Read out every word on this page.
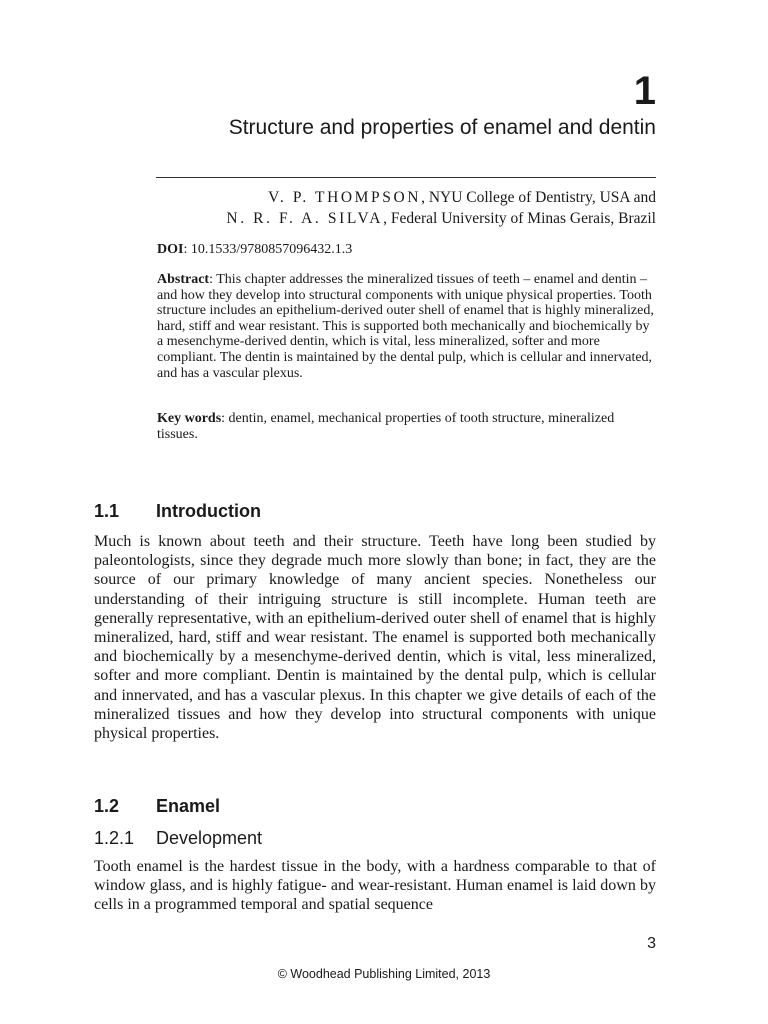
1
Structure and properties of enamel and dentin
V. P. THOMPSON, NYU College of Dentistry, USA and
N. R. F. A. SILVA, Federal University of Minas Gerais, Brazil
DOI: 10.1533/9780857096432.1.3

Abstract: This chapter addresses the mineralized tissues of teeth – enamel and dentin – and how they develop into structural components with unique physical properties. Tooth structure includes an epithelium-derived outer shell of enamel that is highly mineralized, hard, stiff and wear resistant. This is supported both mechanically and biochemically by a mesenchyme-derived dentin, which is vital, less mineralized, softer and more compliant. The dentin is maintained by the dental pulp, which is cellular and innervated, and has a vascular plexus.

Key words: dentin, enamel, mechanical properties of tooth structure, mineralized tissues.

1.1 Introduction

Much is known about teeth and their structure. Teeth have long been studied by paleontologists, since they degrade much more slowly than bone; in fact, they are the source of our primary knowledge of many ancient species. Nonetheless our understanding of their intriguing structure is still incomplete. Human teeth are generally representative, with an epithelium-derived outer shell of enamel that is highly mineralized, hard, stiff and wear resistant. The enamel is supported both mechanically and biochemically by a mesenchyme-derived dentin, which is vital, less mineralized, softer and more compliant. Dentin is maintained by the dental pulp, which is cellular and innervated, and has a vascular plexus. In this chapter we give details of each of the mineralized tissues and how they develop into structural components with unique physical properties.

1.2 Enamel
1.2.1 Development

Tooth enamel is the hardest tissue in the body, with a hardness comparable to that of window glass, and is highly fatigue- and wear-resistant. Human enamel is laid down by cells in a programmed temporal and spatial sequence

3
© Woodhead Publishing Limited, 2013
